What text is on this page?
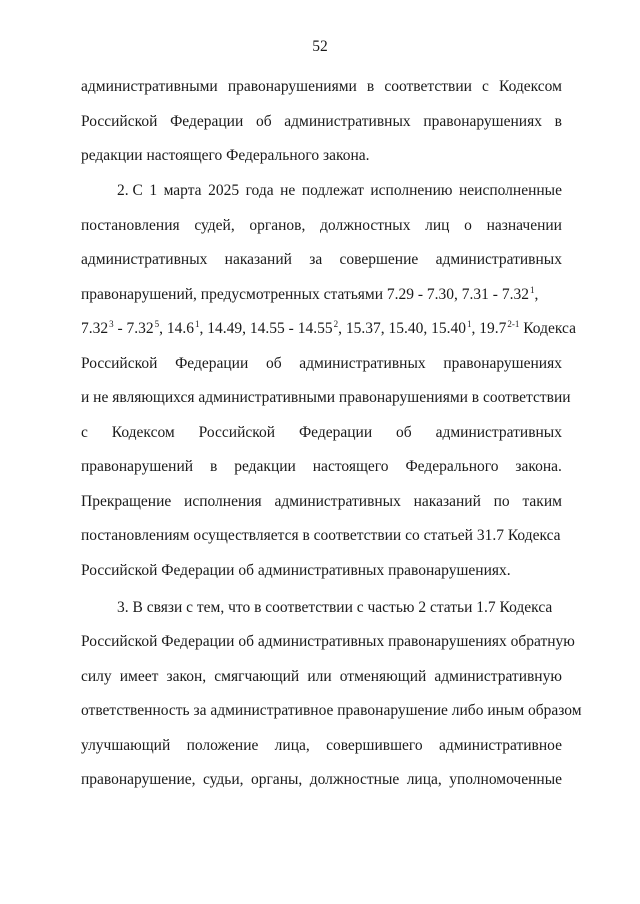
52
административными правонарушениями в соответствии с Кодексом
Российской Федерации об административных правонарушениях в
редакции настоящего Федерального закона.
2. С 1 марта 2025 года не подлежат исполнению неисполненные
постановления судей, органов, должностных лиц о назначении
административных наказаний за совершение административных
правонарушений, предусмотренных статьями 7.29 - 7.30, 7.31 - 7.32$^1$,
7.32$^3$ - 7.32$^5$, 14.6$^1$, 14.49, 14.55 - 14.55$^2$, 15.37, 15.40, 15.40$^1$, 19.7$^{2-1}$ Кодекса
Российской Федерации об административных правонарушениях
и не являющихся административными правонарушениями в соответствии
с Кодексом Российской Федерации об административных
правонарушений в редакции настоящего Федерального закона.
Прекращение исполнения административных наказаний по таким
постановлениям осуществляется в соответствии со статьей 31.7 Кодекса
Российской Федерации об административных правонарушениях.
3. В связи с тем, что в соответствии с частью 2 статьи 1.7 Кодекса
Российской Федерации об административных правонарушениях обратную
силу имеет закон, смягчающий или отменяющий административную
ответственность за административное правонарушение либо иным образом
улучшающий положение лица, совершившего административное
правонарушение, судьи, органы, должностные лица, уполномоченные
